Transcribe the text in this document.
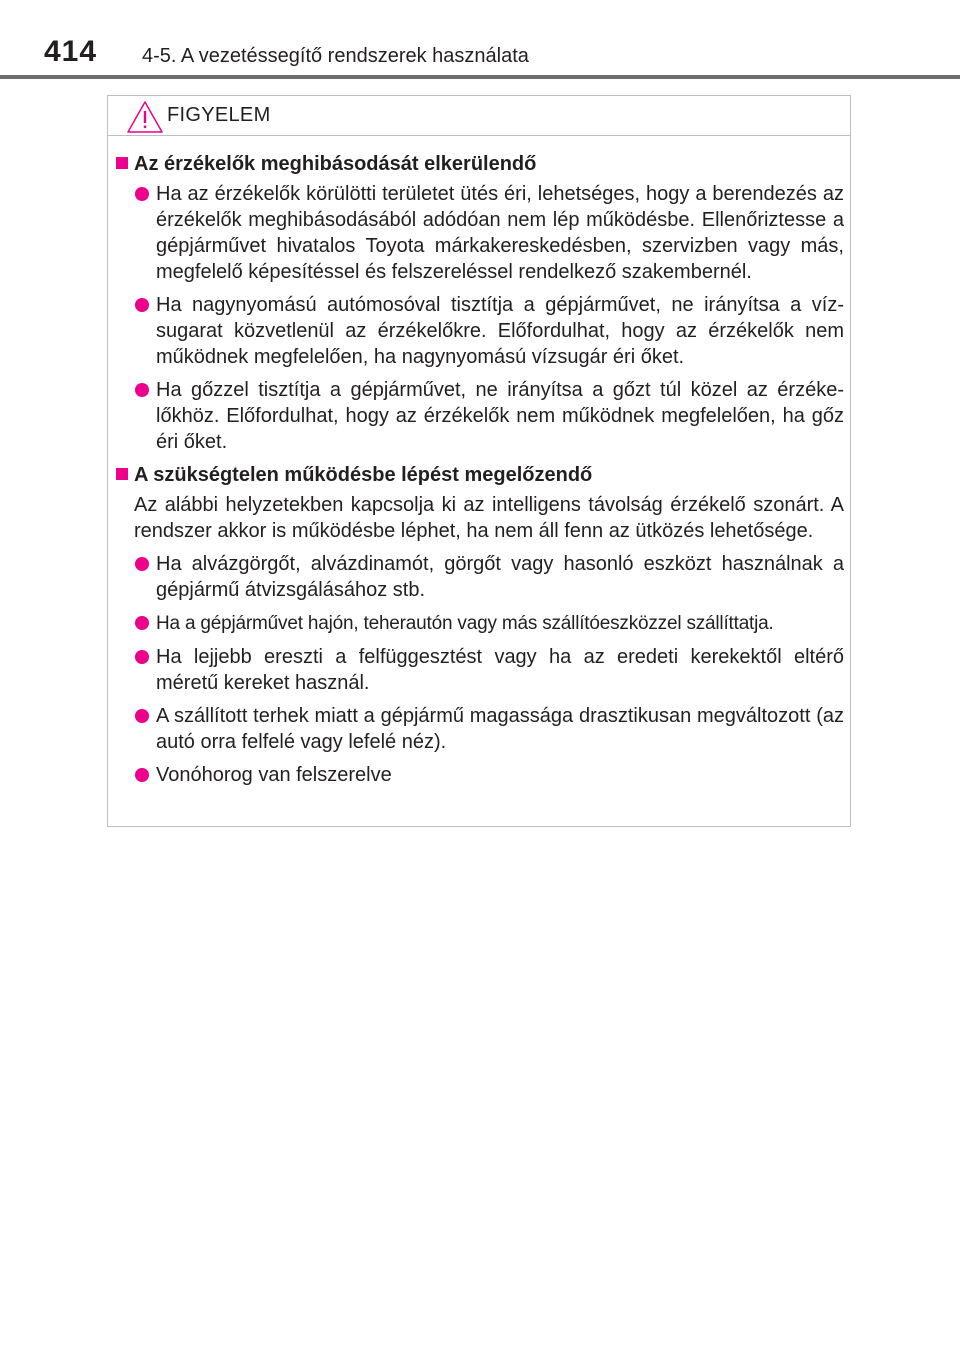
414 4-5. A vezetéssegítő rendszerek használata
FIGYELEM
Az érzékelők meghibásodását elkerülendő
Ha az érzékelők körülötti területet ütés éri, lehetséges, hogy a berendezés az érzékelők meghibásodásából adódóan nem lép működésbe. Ellenőriztesse a gépjárművet hivatalos Toyota márkakereskedésben, szervizben vagy más, megfelelő képesítéssel és felszereléssel rendelkező szakembernél.
Ha nagynyomású autómosóval tisztítja a gépjárművet, ne irányítsa a vízsugarat közvetlenül az érzékelőkre. Előfordulhat, hogy az érzékelők nem működnek megfelelően, ha nagynyomású vízsugár éri őket.
Ha gőzzel tisztítja a gépjárművet, ne irányítsa a gőzt túl közel az érzékelőkhöz. Előfordulhat, hogy az érzékelők nem működnek megfelelően, ha gőz éri őket.
A szükségtelen működésbe lépést megelőzendő
Az alábbi helyzetekben kapcsolja ki az intelligens távolság érzékelő szonárt. A rendszer akkor is működésbe léphet, ha nem áll fenn az ütközés lehetősége.
Ha alvázgörgőt, alvázdinamót, görgőt vagy hasonló eszközt használnak a gépjármű átvizsgálásához stb.
Ha a gépjárművet hajón, teherautón vagy más szállítóeszközzel szállíttatja.
Ha lejjebb ereszti a felfüggesztést vagy ha az eredeti kerekektől eltérő méretű kereket használ.
A szállított terhek miatt a gépjármű magassága drasztikusan megváltozott (az autó orra felfelé vagy lefelé néz).
Vonóhorog van felszerelve
